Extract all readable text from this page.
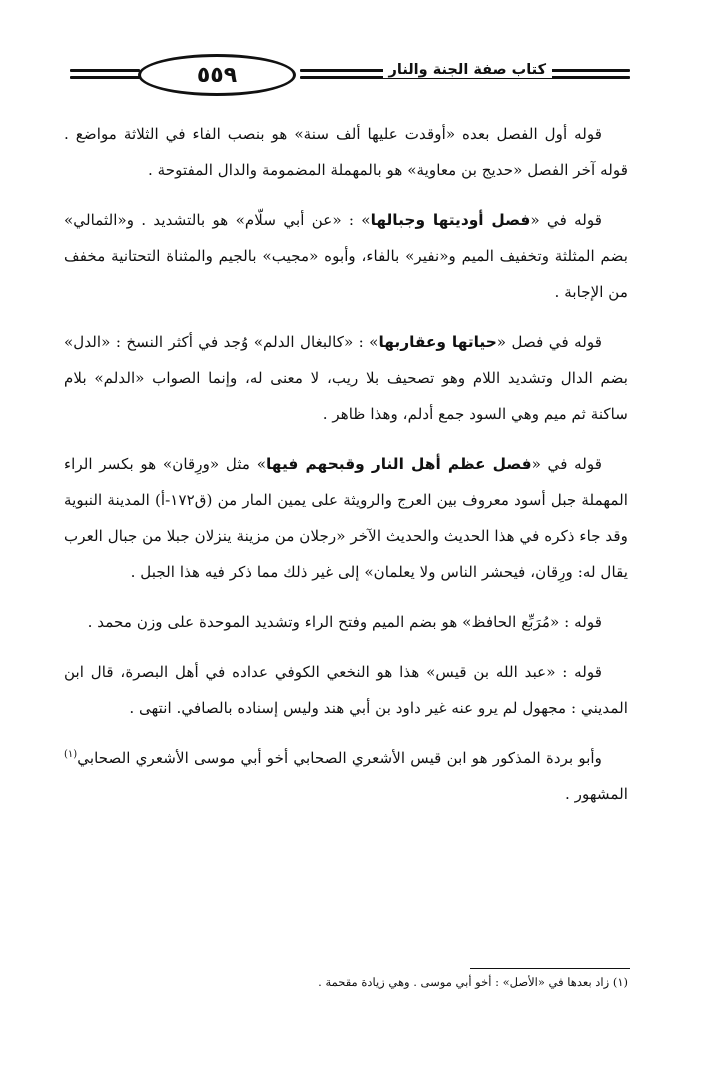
٥٥٩	كتاب صفة الجنة والنار

قوله أول الفصل بعده «أوقدت عليها ألف سنة» هو بنصب الفاء في الثلاثة مواضع . قوله آخر الفصل «حديج بن معاوية» هو بالمهملة المضمومة والدال المفتوحة .

قوله في «فصل أوديتها وجبالها» : «عن أبي سلّام» هو بالتشديد . و«الثمالي» بضم المثلثة وتخفيف الميم و«نفير» بالفاء، وأبوه «مجيب» بالجيم والمثناة التحتانية مخفف من الإجابة .

قوله في فصل «حياتها وعقاربها» : «كالبغال الدلم» وُجد في أكثر النسخ : «الدل» بضم الدال وتشديد اللام وهو تصحيف بلا ريب، لا معنى له، وإنما الصواب «الدلم» بلام ساكنة ثم ميم وهي السود جمع أدلم، وهذا ظاهر .

قوله في «فصل عظم أهل النار وقبحهم فيها» مثل «ورِقان» هو بكسر الراء المهملة جبل أسود معروف بين العرج والرويثة على يمين المار من (ق١٧٢-أ) المدينة النبوية وقد جاء ذكره في هذا الحديث والحديث الآخر «رجلان من مزينة ينزلان جبلا من جبال العرب يقال له: ورِقان، فيحشر الناس ولا يعلمان» إلى غير ذلك مما ذكر فيه هذا الجبل .

قوله : «مُرَبِّع الحافظ» هو بضم الميم وفتح الراء وتشديد الموحدة على وزن محمد .

قوله : «عبد الله بن قيس» هذا هو النخعي الكوفي عداده في أهل البصرة، قال ابن المديني : مجهول لم يرو عنه غير داود بن أبي هند وليس إسناده بالصافي. انتهى .

وأبو بردة المذكور هو ابن قيس الأشعري الصحابي أخو أبي موسى الأشعري الصحابي$^{(١)}$ المشهور .

(١) زاد بعدها في «الأصل» : أخو أبي موسى . وهي زيادة مقحمة .
